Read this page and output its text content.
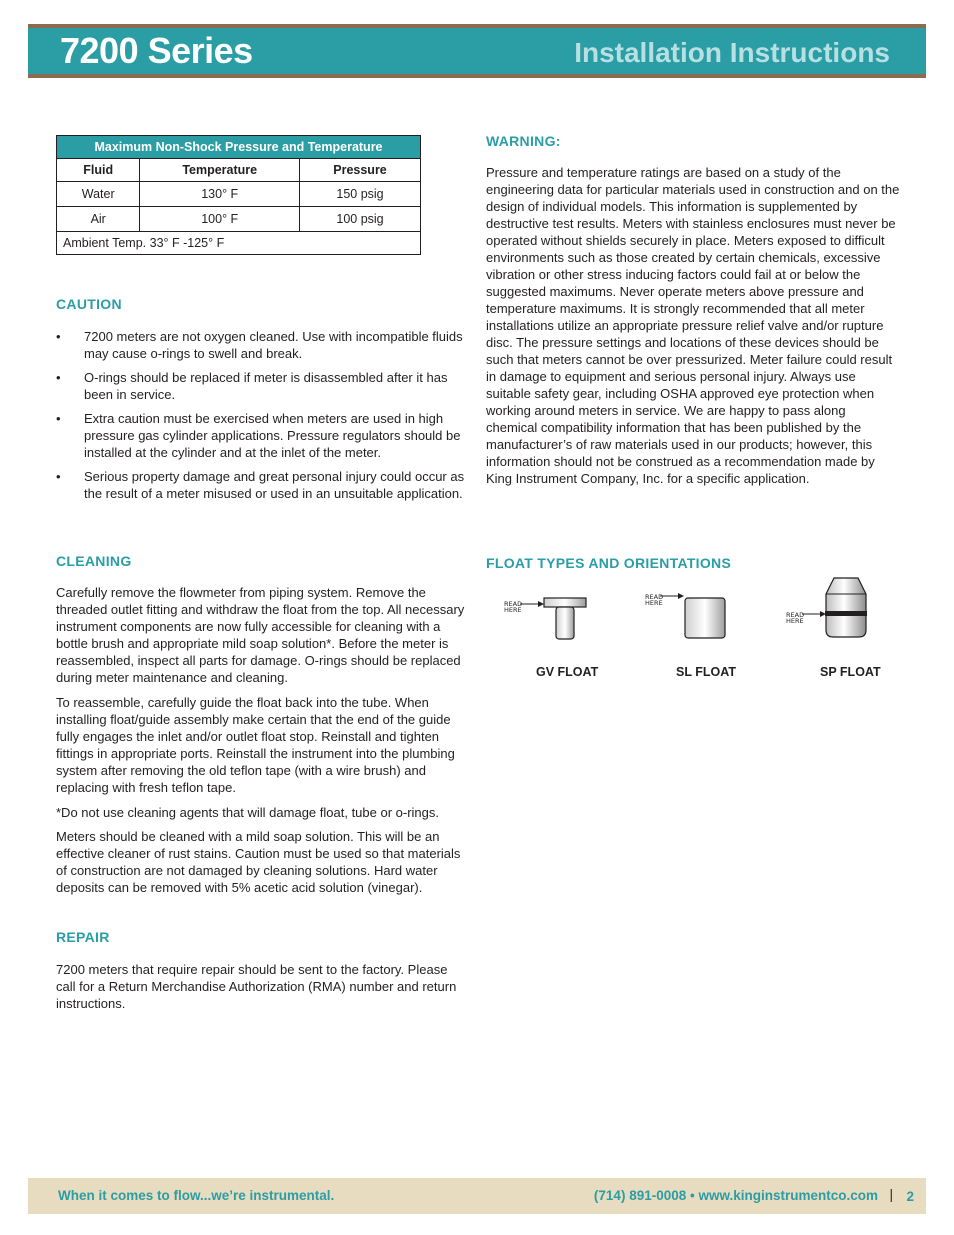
7200 Series	Installation Instructions
Maximum Non-Shock Pressure and Temperature		
Fluid	Temperature	Pressure
Water	130° F	150 psig
Air	100° F	100 psig
Ambient Temp. 33° F -125° F		
CAUTION
• 7200 meters are not oxygen cleaned. Use with incompatible fluids may cause o-rings to swell and break.
• O-rings should be replaced if meter is disassembled after it has been in service.
• Extra caution must be exercised when meters are used in high pressure gas cylinder applications. Pressure regulators should be installed at the cylinder and at the inlet of the meter.
• Serious property damage and great personal injury could occur as the result of a meter misused or used in an unsuitable application.
CLEANING

Carefully remove the flowmeter from piping system. Remove the threaded outlet fitting and withdraw the float from the top. All necessary instrument components are now fully accessible for cleaning with a bottle brush and appropriate mild soap solution*. Before the meter is reassembled, inspect all parts for damage. O-rings should be replaced during meter maintenance and cleaning.

To reassemble, carefully guide the float back into the tube. When installing float/guide assembly make certain that the end of the guide fully engages the inlet and/or outlet float stop. Reinstall and tighten fittings in appropriate ports. Reinstall the instrument into the plumbing system after removing the old teflon tape (with a wire brush) and replacing with fresh teflon tape.

*Do not use cleaning agents that will damage float, tube or o-rings.

Meters should be cleaned with a mild soap solution. This will be an effective cleaner of rust stains. Caution must be used so that materials of construction are not damaged by cleaning solutions. Hard water deposits can be removed with 5% acetic acid solution (vinegar).

REPAIR

7200 meters that require repair should be sent to the factory. Please call for a Return Merchandise Authorization (RMA) number and return instructions.

WARNING:

Pressure and temperature ratings are based on a study of the engineering data for particular materials used in construction and on the design of individual models. This information is supplemented by destructive test results. Meters with stainless enclosures must never be operated without shields securely in place. Meters exposed to difficult environments such as those created by certain chemicals, excessive vibration or other stress inducing factors could fail at or below the suggested maximums. Never operate meters above pressure and temperature maximums. It is strongly recommended that all meter installations utilize an appropriate pressure relief valve and/or rupture disc. The pressure settings and locations of these devices should be such that meters cannot be over pressurized. Meter failure could result in damage to equipment and serious personal injury. Always use suitable safety gear, including OSHA approved eye protection when working around meters in service. We are happy to pass along chemical compatibility information that has been published by the manufacturer’s of raw materials used in our products; however, this information should not be construed as a recommendation made by King Instrument Company, Inc. for a specific application.

FLOAT TYPES AND ORIENTATIONS
READ
HERE
READ
HERE
READ
HERE
GV FLOAT	SL FLOAT	SP FLOAT
When it comes to flow...we’re instrumental.	(714) 891-0008 • www.kinginstrumentco.com | 2
